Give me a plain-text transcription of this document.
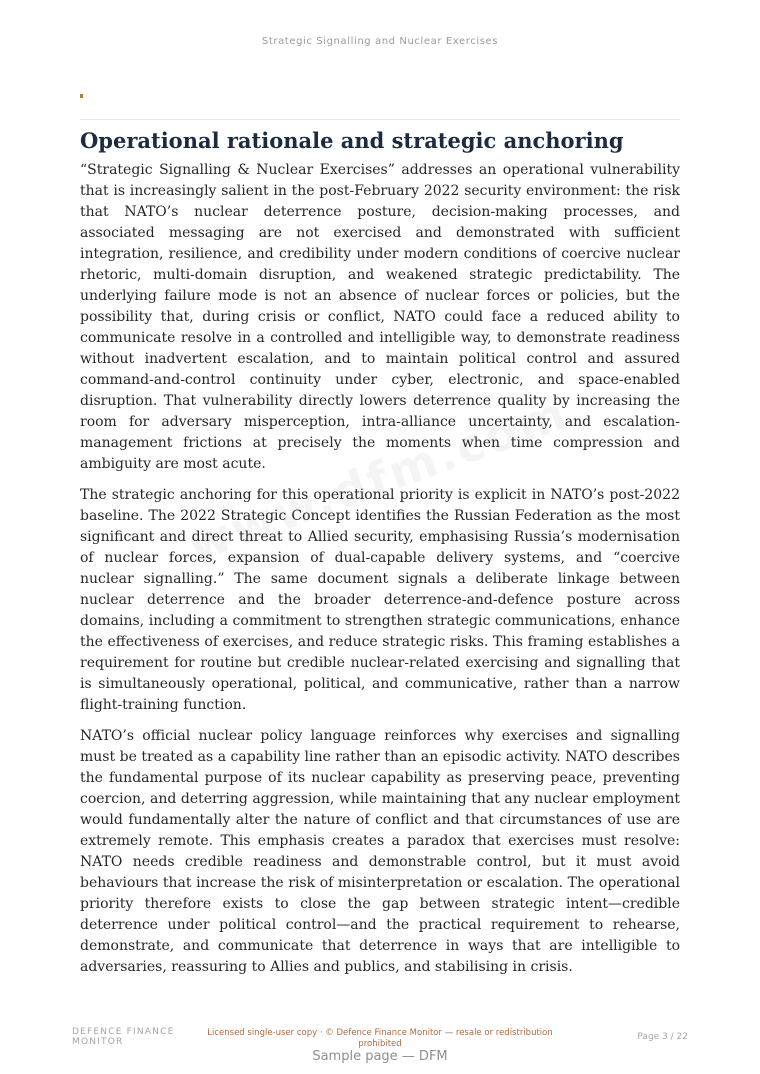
Strategic Signalling and Nuclear Exercises
Operational rationale and strategic anchoring

“Strategic Signalling & Nuclear Exercises” addresses an operational vulnerability that is increasingly salient in the post-February 2022 security environment: the risk that NATO’s nuclear deterrence posture, decision-making processes, and associated messaging are not exercised and demonstrated with sufficient integration, resilience, and credibility under modern conditions of coercive nuclear rhetoric, multi-domain disruption, and weakened strategic predictability. The underlying failure mode is not an absence of nuclear forces or policies, but the possibility that, during crisis or conflict, NATO could face a reduced ability to communicate resolve in a controlled and intelligible way, to demonstrate readiness without inadvertent escalation, and to maintain political control and assured command-and-control continuity under cyber, electronic, and space-enabled disruption. That vulnerability directly lowers deterrence quality by increasing the room for adversary misperception, intra-alliance uncertainty, and escalation-management frictions at precisely the moments when time compression and ambiguity are most acute.

The strategic anchoring for this operational priority is explicit in NATO’s post-2022 baseline. The 2022 Strategic Concept identifies the Russian Federation as the most significant and direct threat to Allied security, emphasising Russia’s modernisation of nuclear forces, expansion of dual-capable delivery systems, and “coercive nuclear signalling.” The same document signals a deliberate linkage between nuclear deterrence and the broader deterrence-and-defence posture across domains, including a commitment to strengthen strategic communications, enhance the effectiveness of exercises, and reduce strategic risks. This framing establishes a requirement for routine but credible nuclear-related exercising and signalling that is simultaneously operational, political, and communicative, rather than a narrow flight-training function.

NATO’s official nuclear policy language reinforces why exercises and signalling must be treated as a capability line rather than an episodic activity. NATO describes the fundamental purpose of its nuclear capability as preserving peace, preventing coercion, and deterring aggression, while maintaining that any nuclear employment would fundamentally alter the nature of conflict and that circumstances of use are extremely remote. This emphasis creates a paradox that exercises must resolve: NATO needs credible readiness and demonstrable control, but it must avoid behaviours that increase the risk of misinterpretation or escalation. The operational priority therefore exists to close the gap between strategic intent—credible deterrence under political control—and the practical requirement to rehearse, demonstrate, and communicate that deterrence in ways that are intelligible to adversaries, reassuring to Allies and publics, and stabilising in crisis.

DEFENCE FINANCE MONITOR
Licensed single-user copy · © Defence Finance Monitor — resale or redistribution prohibited
Page 3 / 22
Sample page — DFM
